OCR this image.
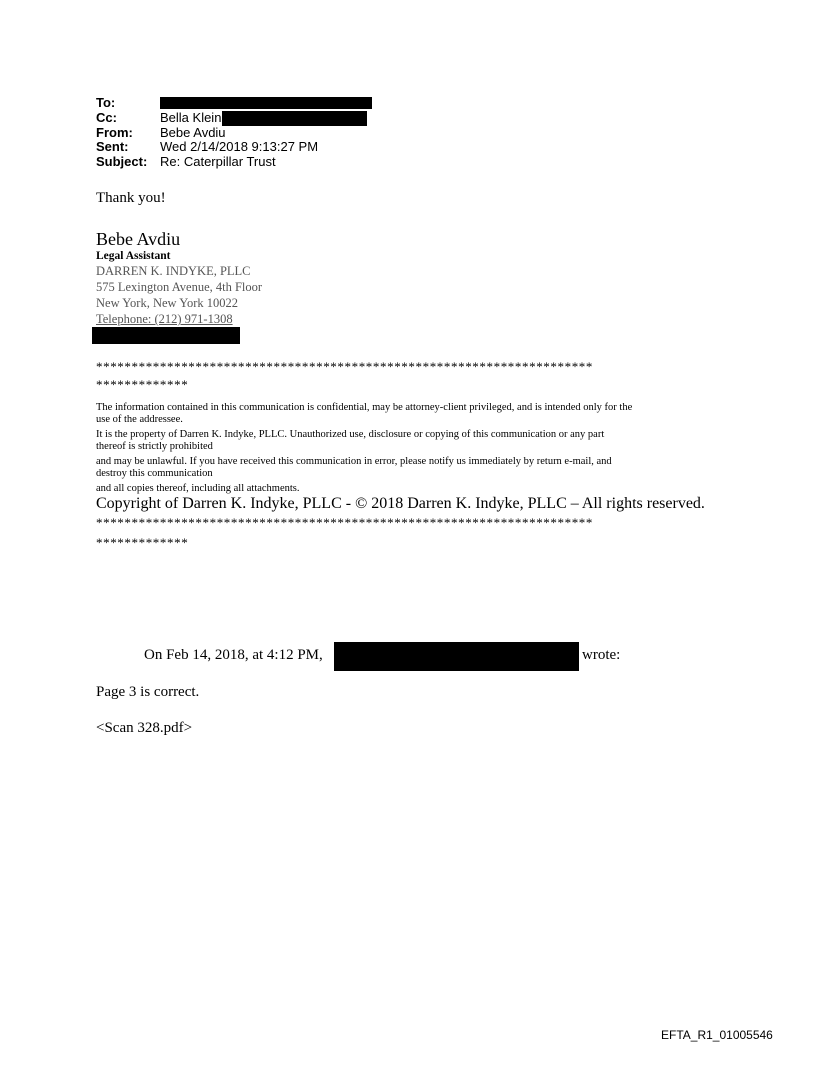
To:
Cc:	Bella Klein
From:	Bebe Avdiu
Sent:	Wed 2/14/2018 9:13:27 PM
Subject: Re: Caterpillar Trust
Thank you!
Bebe Avdiu
Legal Assistant
DARREN K. INDYKE, PLLC
575 Lexington Avenue, 4th Floor
New York, New York 10022
Telephone: (212) 971-1308
**********************************************************************
*************
The information contained in this communication is confidential, may be attorney-client privileged, and is intended only for the
use of the addressee.
It is the property of Darren K. Indyke, PLLC. Unauthorized use, disclosure or copying of this communication or any part
thereof is strictly prohibited
and may be unlawful. If you have received this communication in error, please notify us immediately by return e-mail, and
destroy this communication
and all copies thereof, including all attachments.
Copyright of Darren K. Indyke, PLLC - © 2018 Darren K. Indyke, PLLC – All rights reserved.
**********************************************************************
*************
On Feb 14, 2018, at 4:12 PM,	wrote:
Page 3 is correct.
<Scan 328.pdf>
EFTA_R1_01005546
